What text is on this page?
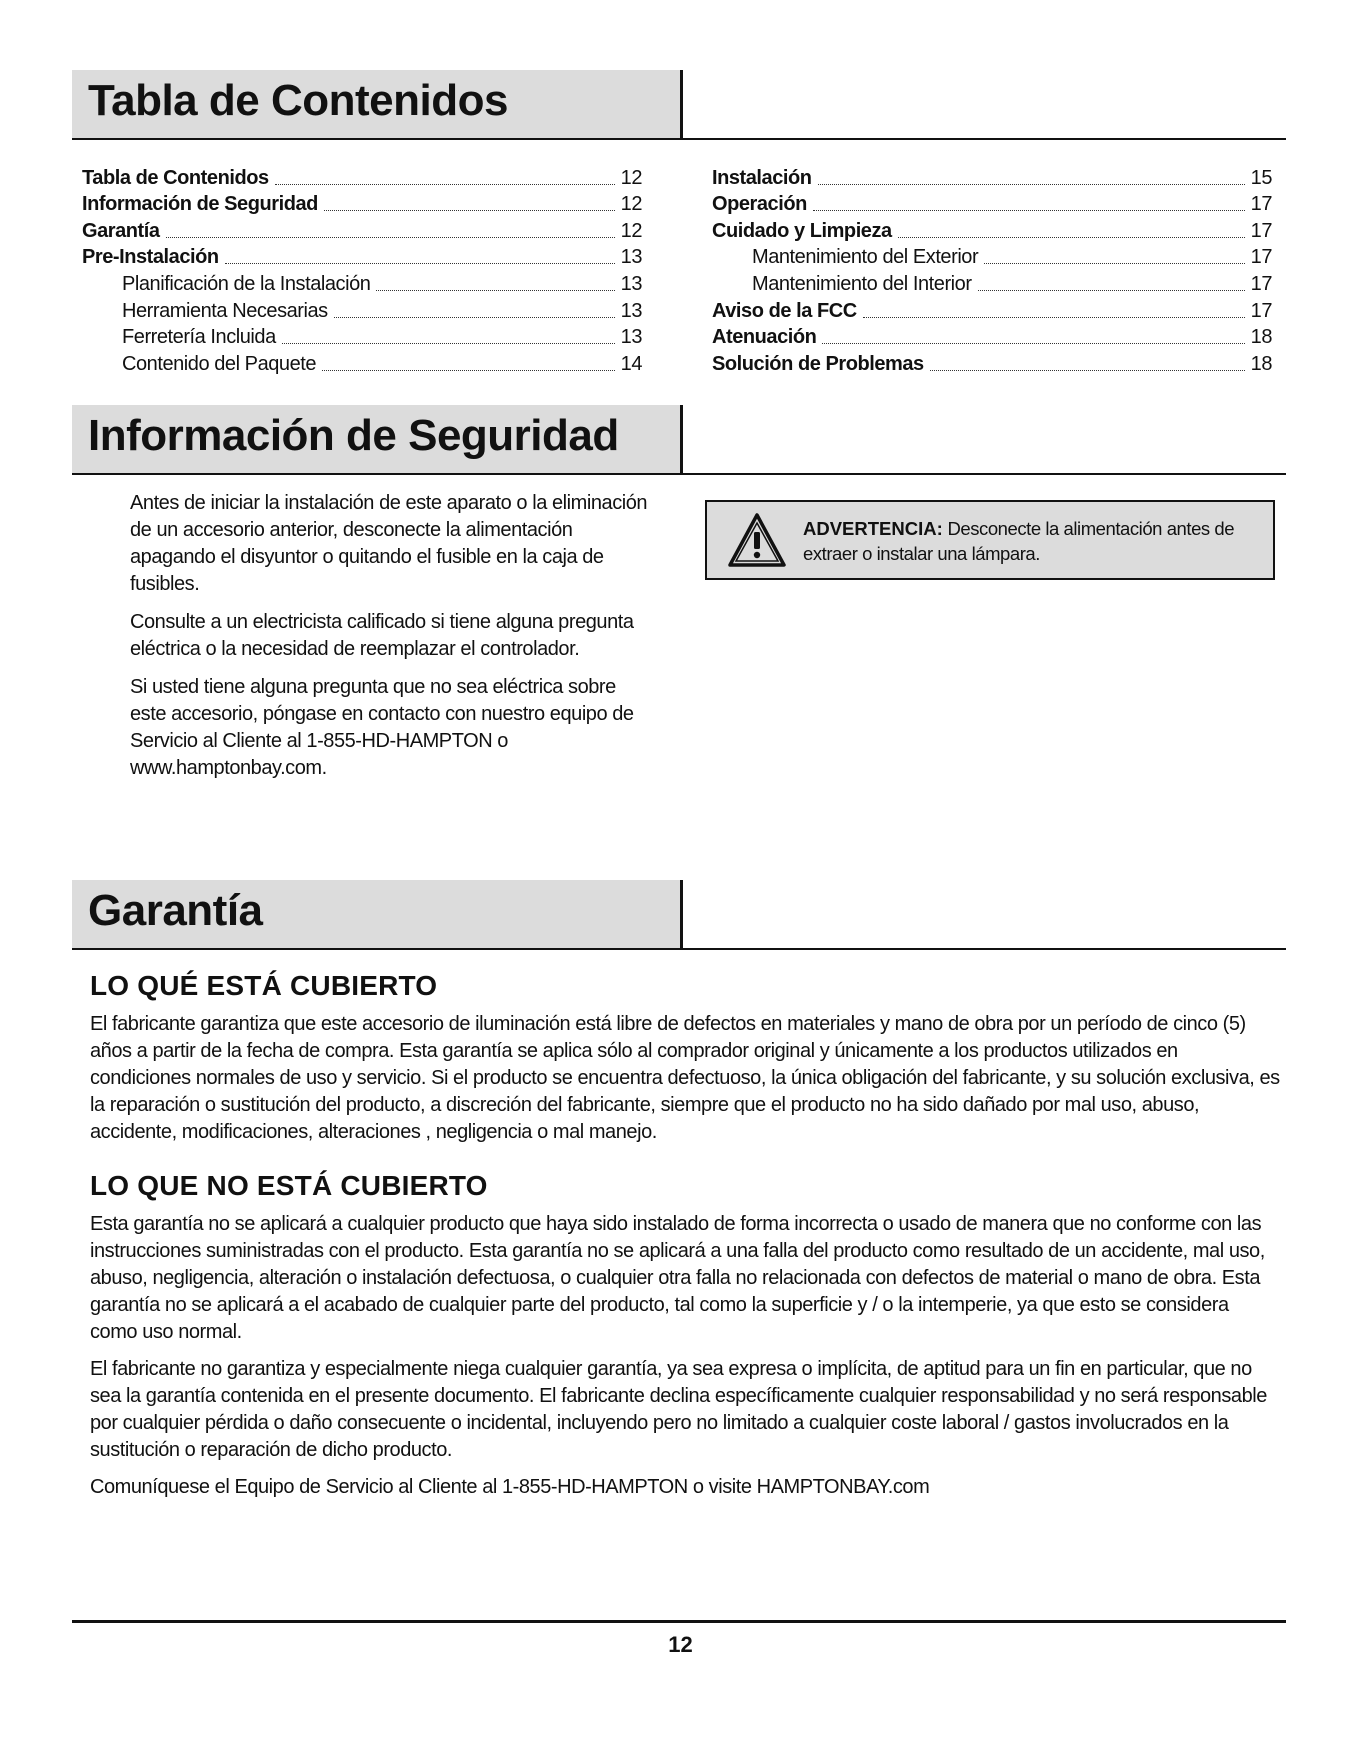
Tabla de Contenidos
Tabla de Contenidos	12
Información de Seguridad	12
Garantía	12
Pre-Instalación	13
Planificación de la Instalación	13
Herramienta Necesarias	13
Ferretería Incluida	13
Contenido del Paquete	14
Instalación	15
Operación	17
Cuidado y Limpieza	17
Mantenimiento del Exterior	17
Mantenimiento del Interior	17
Aviso de la FCC	17
Atenuación	18
Solución de Problemas	18
Información de Seguridad

Antes de iniciar la instalación de este aparato o la eliminación de un accesorio anterior, desconecte la alimentación apagando el disyuntor o quitando el fusible en la caja de fusibles.

Consulte a un electricista calificado si tiene alguna pregunta eléctrica o la necesidad de reemplazar el controlador.

Si usted tiene alguna pregunta que no sea eléctrica sobre este accesorio, póngase en contacto con nuestro equipo de Servicio al Cliente al 1-855-HD-HAMPTON o www.hamptonbay.com.

ADVERTENCIA: Desconecte la alimentación antes de extraer o instalar una lámpara.
Garantía
LO QUÉ ESTÁ CUBIERTO

El fabricante garantiza que este accesorio de iluminación está libre de defectos en materiales y mano de obra por un período de cinco (5) años a partir de la fecha de compra. Esta garantía se aplica sólo al comprador original y únicamente a los productos utilizados en condiciones normales de uso y servicio. Si el producto se encuentra defectuoso, la única obligación del fabricante, y su solución exclusiva, es la reparación o sustitución del producto, a discreción del fabricante, siempre que el producto no ha sido dañado por mal uso, abuso, accidente, modificaciones, alteraciones , negligencia o mal manejo.

LO QUE NO ESTÁ CUBIERTO

Esta garantía no se aplicará a cualquier producto que haya sido instalado de forma incorrecta o usado de manera que no conforme con las instrucciones suministradas con el producto. Esta garantía no se aplicará a una falla del producto como resultado de un accidente, mal uso, abuso, negligencia, alteración o instalación defectuosa, o cualquier otra falla no relacionada con defectos de material o mano de obra. Esta garantía no se aplicará a el acabado de cualquier parte del producto, tal como la superficie y / o la intemperie, ya que esto se considera como uso normal.

El fabricante no garantiza y especialmente niega cualquier garantía, ya sea expresa o implícita, de aptitud para un fin en particular, que no sea la garantía contenida en el presente documento. El fabricante declina específicamente cualquier responsabilidad y no será responsable por cualquier pérdida o daño consecuente o incidental, incluyendo pero no limitado a cualquier coste laboral / gastos involucrados en la sustitución o reparación de dicho producto.

Comuníquese el Equipo de Servicio al Cliente al 1-855-HD-HAMPTON o visite HAMPTONBAY.com

12
